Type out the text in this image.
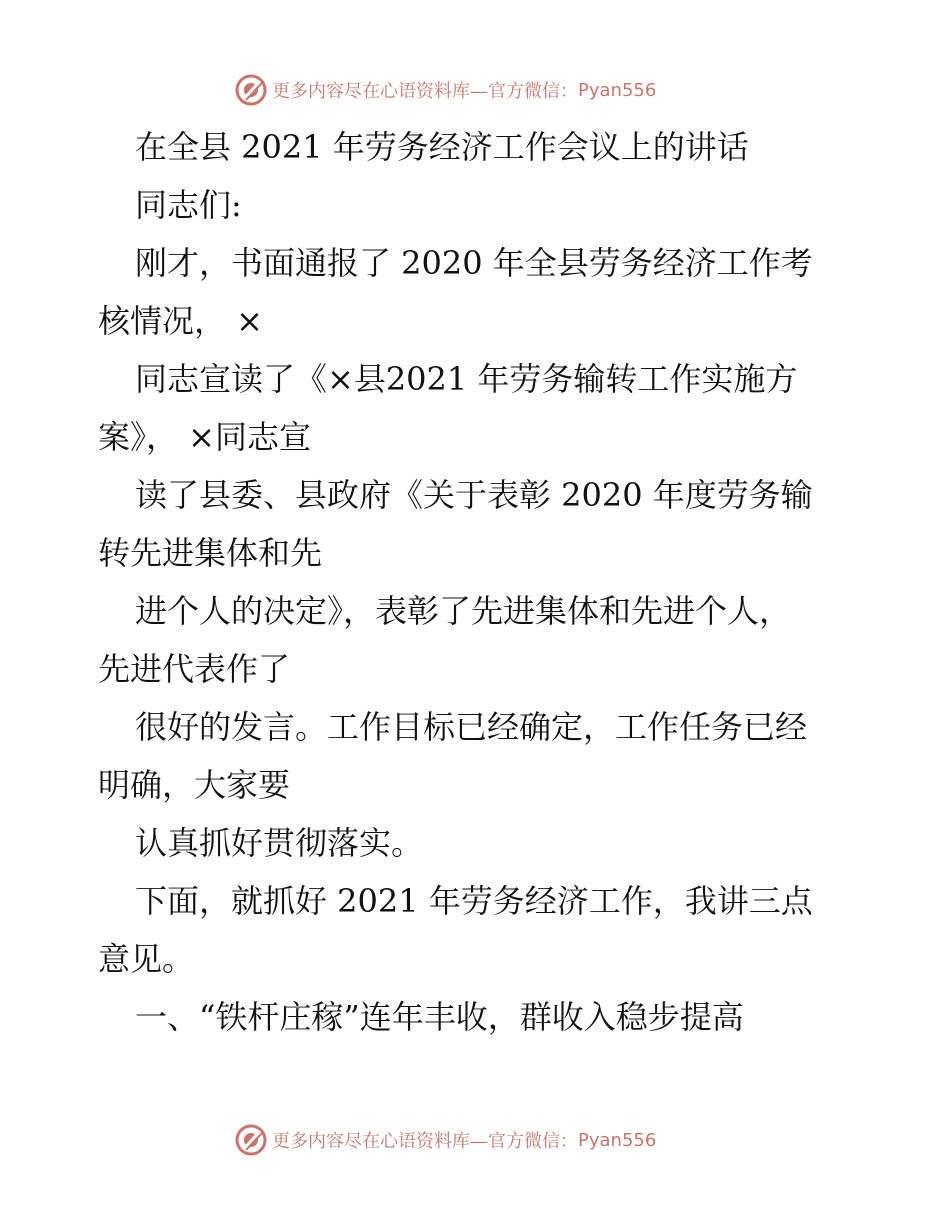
更多内容尽在心语资料库—官方微信： Pyan556
在全县 2021 年劳务经济工作会议上的讲话
同志们:
刚才，书面通报了 2020 年全县劳务经济工作考
核情况， ×
同志宣读了《×县2021 年劳务输转工作实施方
案》， ×同志宣
读了县委、县政府《关于表彰 2020 年度劳务输
转先进集体和先
进个人的决定》，表彰了先进集体和先进个人，
先进代表作了
很好的发言。工作目标已经确定，工作任务已经
明确，大家要
认真抓好贯彻落实。
下面，就抓好 2021 年劳务经济工作，我讲三点
意见。
一、“铁杆庄稼”连年丰收，群收入稳步提高
更多内容尽在心语资料库—官方微信： Pyan556
